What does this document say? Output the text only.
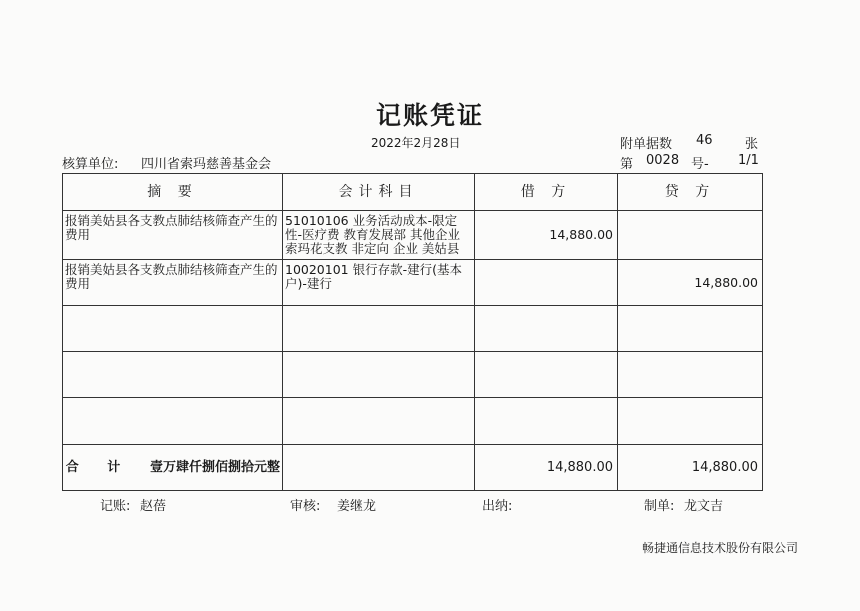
记账凭证
2022年2月28日	附单据数 46 张
核算单位: 四川省索玛慈善基金会	第 0028 号- 1/1
摘 要	会计科目	借 方	贷 方
报销美姑县各支教点肺结核筛查产生的费用	51010106 业务活动成本-限定性-医疗费 教育发展部 其他企业 索玛花支教 非定向 企业 美姑县	14,880.00	
报销美姑县各支教点肺结核筛查产生的费用	10020101 银行存款-建行(基本户)-建行		14,880.00

合 计 壹万肆仟捌佰捌拾元整		14,880.00	14,880.00
记账: 赵蓓	审核: 姜继龙	出纳:	制单: 龙文吉
畅捷通信息技术股份有限公司
